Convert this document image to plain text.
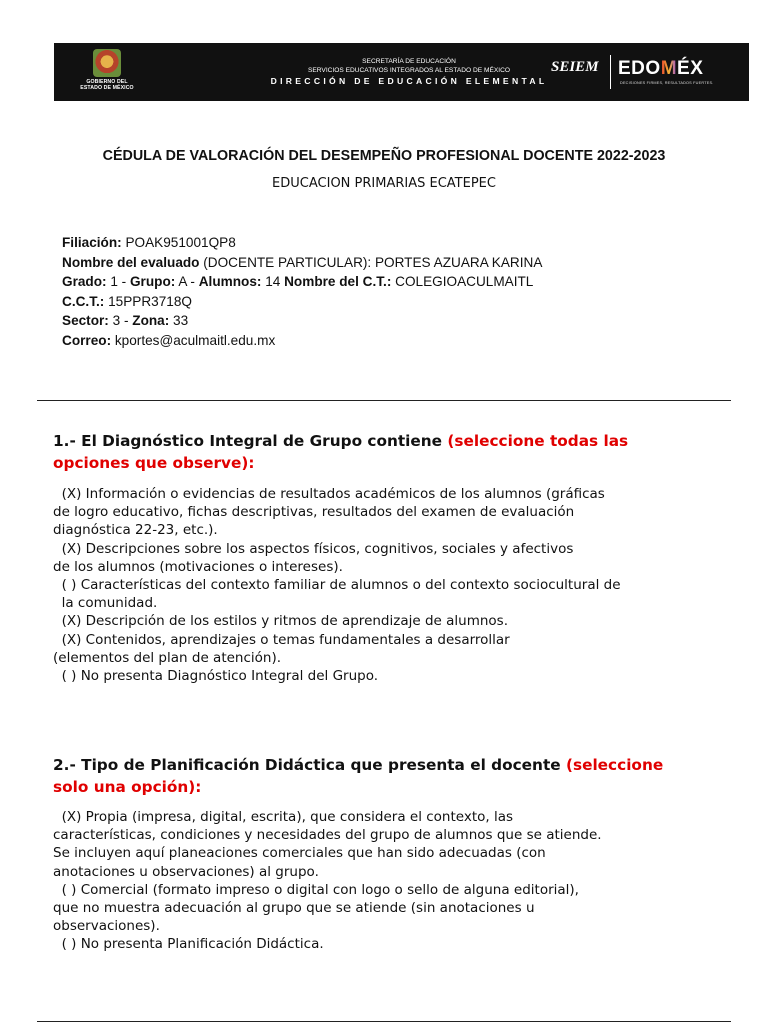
GOBIERNO DEL
ESTADO DE MÉXICO
SECRETARÍA DE EDUCACIÓN
SERVICIOS EDUCATIVOS INTEGRADOS AL ESTADO DE MÉXICO
DIRECCIÓN DE EDUCACIÓN ELEMENTAL
SEIEM EDOMÉX
DECISIONES FIRMES, RESULTADOS FUERTES.
CÉDULA DE VALORACIÓN DEL DESEMPEÑO PROFESIONAL DOCENTE 2022-2023
EDUCACION PRIMARIAS ECATEPEC
Filiación: POAK951001QP8
Nombre del evaluado (DOCENTE PARTICULAR): PORTES AZUARA KARINA
Grado: 1 - Grupo: A - Alumnos: 14 Nombre del C.T.: COLEGIOACULMAITL
C.C.T.: 15PPR3718Q
Sector: 3 - Zona: 33
Correo: kportes@aculmaitl.edu.mx
1.- El Diagnóstico Integral de Grupo contiene (seleccione todas las opciones que observe):
(X) Información o evidencias de resultados académicos de los alumnos (gráficas
de logro educativo, fichas descriptivas, resultados del examen de evaluación
diagnóstica 22-23, etc.).
(X) Descripciones sobre los aspectos físicos, cognitivos, sociales y afectivos
de los alumnos (motivaciones o intereses).
( ) Características del contexto familiar de alumnos o del contexto sociocultural de
la comunidad.
(X) Descripción de los estilos y ritmos de aprendizaje de alumnos.
(X) Contenidos, aprendizajes o temas fundamentales a desarrollar
(elementos del plan de atención).
( ) No presenta Diagnóstico Integral del Grupo.
2.- Tipo de Planificación Didáctica que presenta el docente (seleccione solo una opción):
(X) Propia (impresa, digital, escrita), que considera el contexto, las
características, condiciones y necesidades del grupo de alumnos que se atiende.
Se incluyen aquí planeaciones comerciales que han sido adecuadas (con
anotaciones u observaciones) al grupo.
( ) Comercial (formato impreso o digital con logo o sello de alguna editorial),
que no muestra adecuación al grupo que se atiende (sin anotaciones u
observaciones).
( ) No presenta Planificación Didáctica.
